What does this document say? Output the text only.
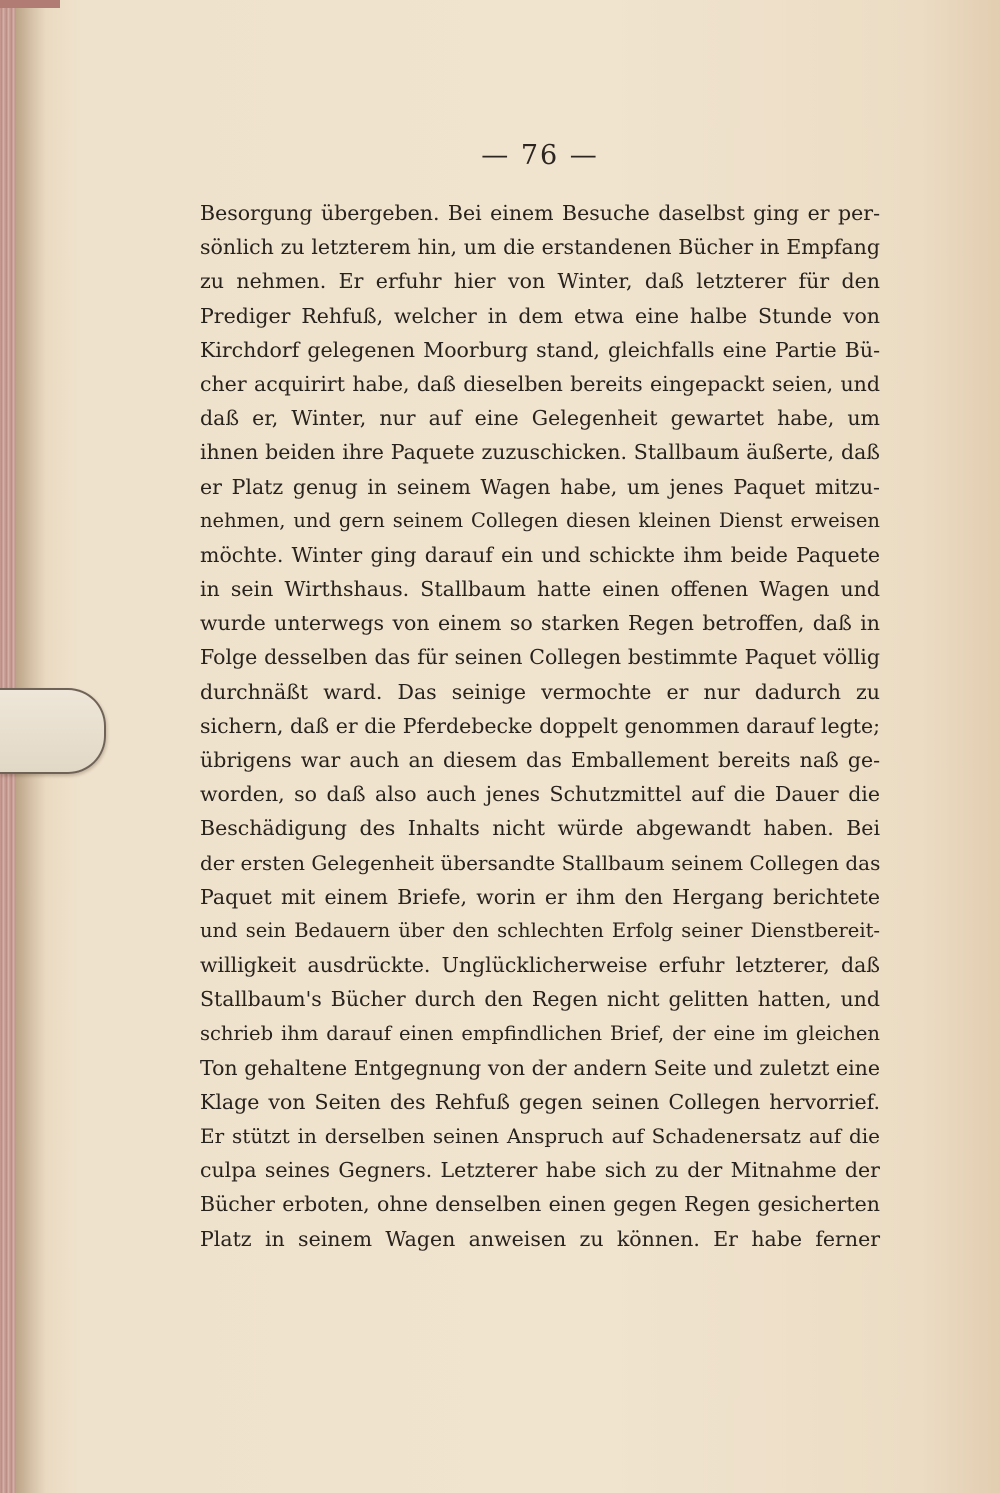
— 76 —
Besorgung übergeben. Bei einem Besuche daselbst ging er per-
sönlich zu letzterem hin, um die erstandenen Bücher in Empfang
zu nehmen. Er erfuhr hier von Winter, daß letzterer für den
Prediger Rehfuß, welcher in dem etwa eine halbe Stunde von
Kirchdorf gelegenen Moorburg stand, gleichfalls eine Partie Bü-
cher acquirirt habe, daß dieselben bereits eingepackt seien, und
daß er, Winter, nur auf eine Gelegenheit gewartet habe, um
ihnen beiden ihre Paquete zuzuschicken. Stallbaum äußerte, daß
er Platz genug in seinem Wagen habe, um jenes Paquet mitzu-
nehmen, und gern seinem Collegen diesen kleinen Dienst erweisen
möchte. Winter ging darauf ein und schickte ihm beide Paquete
in sein Wirthshaus. Stallbaum hatte einen offenen Wagen und
wurde unterwegs von einem so starken Regen betroffen, daß in
Folge desselben das für seinen Collegen bestimmte Paquet völlig
durchnäßt ward. Das seinige vermochte er nur dadurch zu
sichern, daß er die Pferdebecke doppelt genommen darauf legte;
übrigens war auch an diesem das Emballement bereits naß ge-
worden, so daß also auch jenes Schutzmittel auf die Dauer die
Beschädigung des Inhalts nicht würde abgewandt haben. Bei
der ersten Gelegenheit übersandte Stallbaum seinem Collegen das
Paquet mit einem Briefe, worin er ihm den Hergang berichtete
und sein Bedauern über den schlechten Erfolg seiner Dienstbereit-
willigkeit ausdrückte. Unglücklicherweise erfuhr letzterer, daß
Stallbaum's Bücher durch den Regen nicht gelitten hatten, und
schrieb ihm darauf einen empfindlichen Brief, der eine im gleichen
Ton gehaltene Entgegnung von der andern Seite und zuletzt eine
Klage von Seiten des Rehfuß gegen seinen Collegen hervorrief.
Er stützt in derselben seinen Anspruch auf Schadenersatz auf die
culpa seines Gegners. Letzterer habe sich zu der Mitnahme der
Bücher erboten, ohne denselben einen gegen Regen gesicherten
Platz in seinem Wagen anweisen zu können. Er habe ferner
